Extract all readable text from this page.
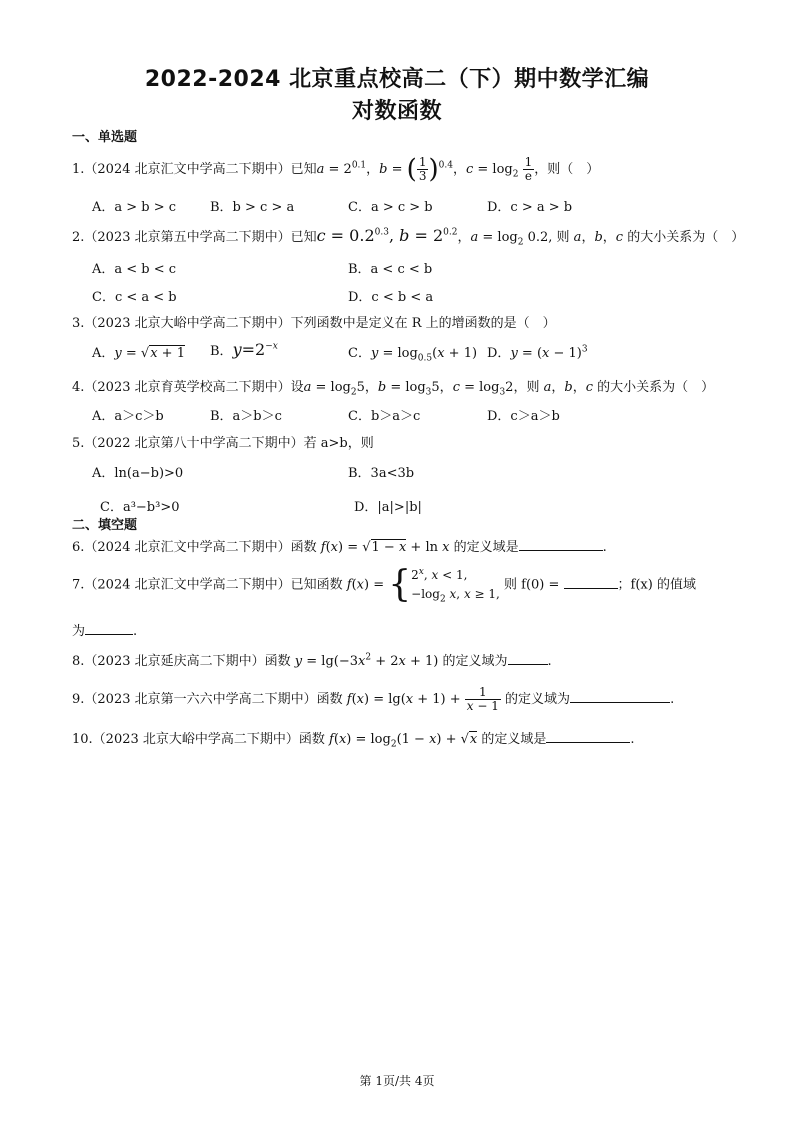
2022-2024 北京重点校高二（下）期中数学汇编
对数函数
一、单选题
1.（2024 北京汇文中学高二下期中）已知$a = 2^{0.1}$，b = ( $\frac{1}{3} )^{0.4}$，$c = \log_2 \frac{1}{e}$ ，则（　）
A．a > b > c	B．b > c > a	C．a > c > b	D．c > a > b
2.（2023 北京第五中学高二下期中）已知$c = 0.2^{0.3}$, $b = 2^{0.2}$，$a = \log_2 0.2$, 则 a，b，c 的大小关系为（　）
A．a < b < c	B．a < c < b
C．c < a < b	D．c < b < a
3.（2023 北京大峪中学高二下期中）下列函数中是定义在 R 上的增函数的是（　）
A．y = √x + 1 B．$y=2^{-x}$	C．$y = \log_{0.5}(x + 1)$ D．$y = (x - 1)^3$
4.（2023 北京育英学校高二下期中）设$a = \log_25$，$b = \log_35$，$c = \log_32$，则 a，b，c 的大小关系为（　）
A．a＞c＞b	B．a＞b＞c	C．b＞a＞c	D．c＞a＞b
5.（2022 北京第八十中学高二下期中）若 a>b，则
A．ln(a−b)>0	B．3a<3b
C．a³−b³>0	D．|a|>|b|
二、填空题
6.（2024 北京汇文中学高二下期中）函数 f(x) = √1 − x + ln x 的定义域是	.
7.（2024 北京汇文中学高二下期中）已知函数 f(x) = { 2$^x$, x < 1,
$-\log_2$ x, x ≥ 1,
则 f(0) =	；f(x) 的值域
为	.
8.（2023 北京延庆高二下期中）函数 $y = \lg(-3x^2 + 2x + 1)$ 的定义域为	.
9.（2023 北京第一六六中学高二下期中）函数 $f(x) = \lg(x + 1) + \frac{1}{x - 1}$ 的定义域为	.
10.（2023 北京大峪中学高二下期中）函数 $f(x) = \log_2(1 - x) + √x$ 的定义域是	.
第 1页/共 4页
